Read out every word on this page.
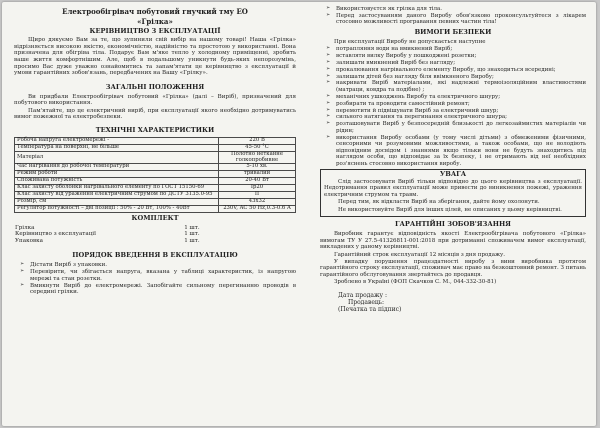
Електрообігрівач побутовий гнучкий тму ЕО
«Грілка»
КЕРІВНИЦТВО З ЕКСПЛУАТАЦІЇ

Щиро дякуємо Вам за те, що зупинили свій вибір на нашому товарі! Наша «Грілка» відрізняється високою якістю, економічністю, надійністю та простотою у використанні. Вона призначена для обігріва тіла. Подарує Вам м'яке тепло у холодному приміщенні, зробить ваше життя комфортнішим. Але, щоб в подальшому уникнути будь-яких непорозумінь, просимо Вас дуже уважно ознайомитись та запам'ятати це керівництво з експлуатації й умови гарантійних зобов'язань, передбачених на Вашу «Грілку».

ЗАГАЛЬНІ ПОЛОЖЕННЯ

Ви придбали Електрообігрівач побутовий «Грілка» (далі – Виріб), призначений для побутового використання.

Пам'ятайте, що це електричний виріб, при експлуатації якого необхідно дотримуватись вимог пожежної та електробезпеки.

ТЕХНІЧНІ ХАРАКТЕРИСТИКИ
Робоча напруга електромережі -	220 В
Температура на поверхні, не більше	45-50 °С
Матеріал	Полотно нетканне голкопробивне
Час нагрівання до робочої температури	5-10 хв.
Режим роботи	тривалий
Споживана потужність	20-40 Вт
Клас захисту оболонки нагрівального елементу по ГОСТ 15150-69	Ip20
Клас захисту від ураження електричним струмом по ДСТУ 3135.0-95	ІІ
Розмір, см	43х32
Регулятор потужності – дві позиції : 50% - 20 Вт, 100% - 40Вт	230V, AC 50 Hz,0.3-0.6 A
КОМПЛЕКТ
Грілка	1 шт.
Керівництво з експлуатації	1 шт.
Упаковка	1 шт.
ПОРЯДОК ВВЕДЕННЯ В ЕКСПЛУАТАЦІЮ
➢ Дістати Виріб з упаковки.
➢ Перевірити, чи збігається напруга, вказана у таблиці характеристик, із напругою мережі та стан розетки.
➢ Вмикнути Виріб до електромережі. Запобігайте сильному перегинанню проводів в середині грілки.
➢ Використовуєтся як грілка для тіла.
➢ Перед застосуванням даного Виробу обов'язково проконсультуйтеся з лікарем стосовно можливості програвання певних частин тіла!
ВИМОГИ БЕЗПЕКИ

При експлуатації Виробу не допускається наступне

➢ потрапляння води на вмикнений Виріб;
➢ вставляти вилку Виробу у пошкоджені розетки;
➢ залишати вмикнений Виріб без нагляду;
➢ прокалювання нагрівального елементу Виробу, що знаходиться всередині;
➢ залишати дітей без нагляду біля ввімкненого Виробу;
➢ накривати Виріб матеріалами, які надлежні термоізоляційним властивостями (матраци, ковдра та подібне) ;
➢ механічних ушкоджень Виробу та електричного шнуру;
➢ розбирати та проводити самостійний ремонт;
➢ перемотити й підвішувати Виріб за електричний шнур;
➢ сильного натягання та перегинання електричного шнура;
➢ розташовувати Виріб у безпосередній близькості до легкозаймистих матеріалів чи рідин;
➢ використання Виробу особами (у тому числі дітьми) з обмеженими фізичними, сенсорними чи розумовими можливостями, а також особами, що не володіють відповідним досвідом і знаннями якщо тільки вони не будуть знаходитись під наглядом особи, що відповідає за їх безпеку, і не отримають від неї необхідних роз'яснень стосовно використання виробу.
УВАГА

Слід застосовувати Виріб тільки відповідно до цього керівництва з експлуатації. Недотримання правил експлуатації може привести до виникнення пожежі, ураження електричним струмом та травм.

Перед тим, як відкласти Виріб на зберігання, дайте йому охолонути.

Не використовуйте Виріб для інших цілей, не описаних у цьому керівництві.

ГАРАНТІЙНІ ЗОБОВ'ЯЗАННЯ

Виробник гарантує відповідність якості Електрообігрівача побутового «Грілка» вимогам ТУ У 27.5-41326811-001:2018 при дотриманні споживачем вимог експлуатації, викладених у даному керівництві.

Гарантійний строк експлуатації 12 місяців з дня продажу.

У випадку порушення працездатності виробу з вини виробника протягом гарантійного строку експлуатації, споживач має право на безкоштовний ремонт. З питань гарантійного обслуговування звертайтесь до продавця.

Зроблено в Україні (ФОП Скачков С. М., 044-332-30-81)

Дата продажу :
Продавець:
(Печатка та підпис)
